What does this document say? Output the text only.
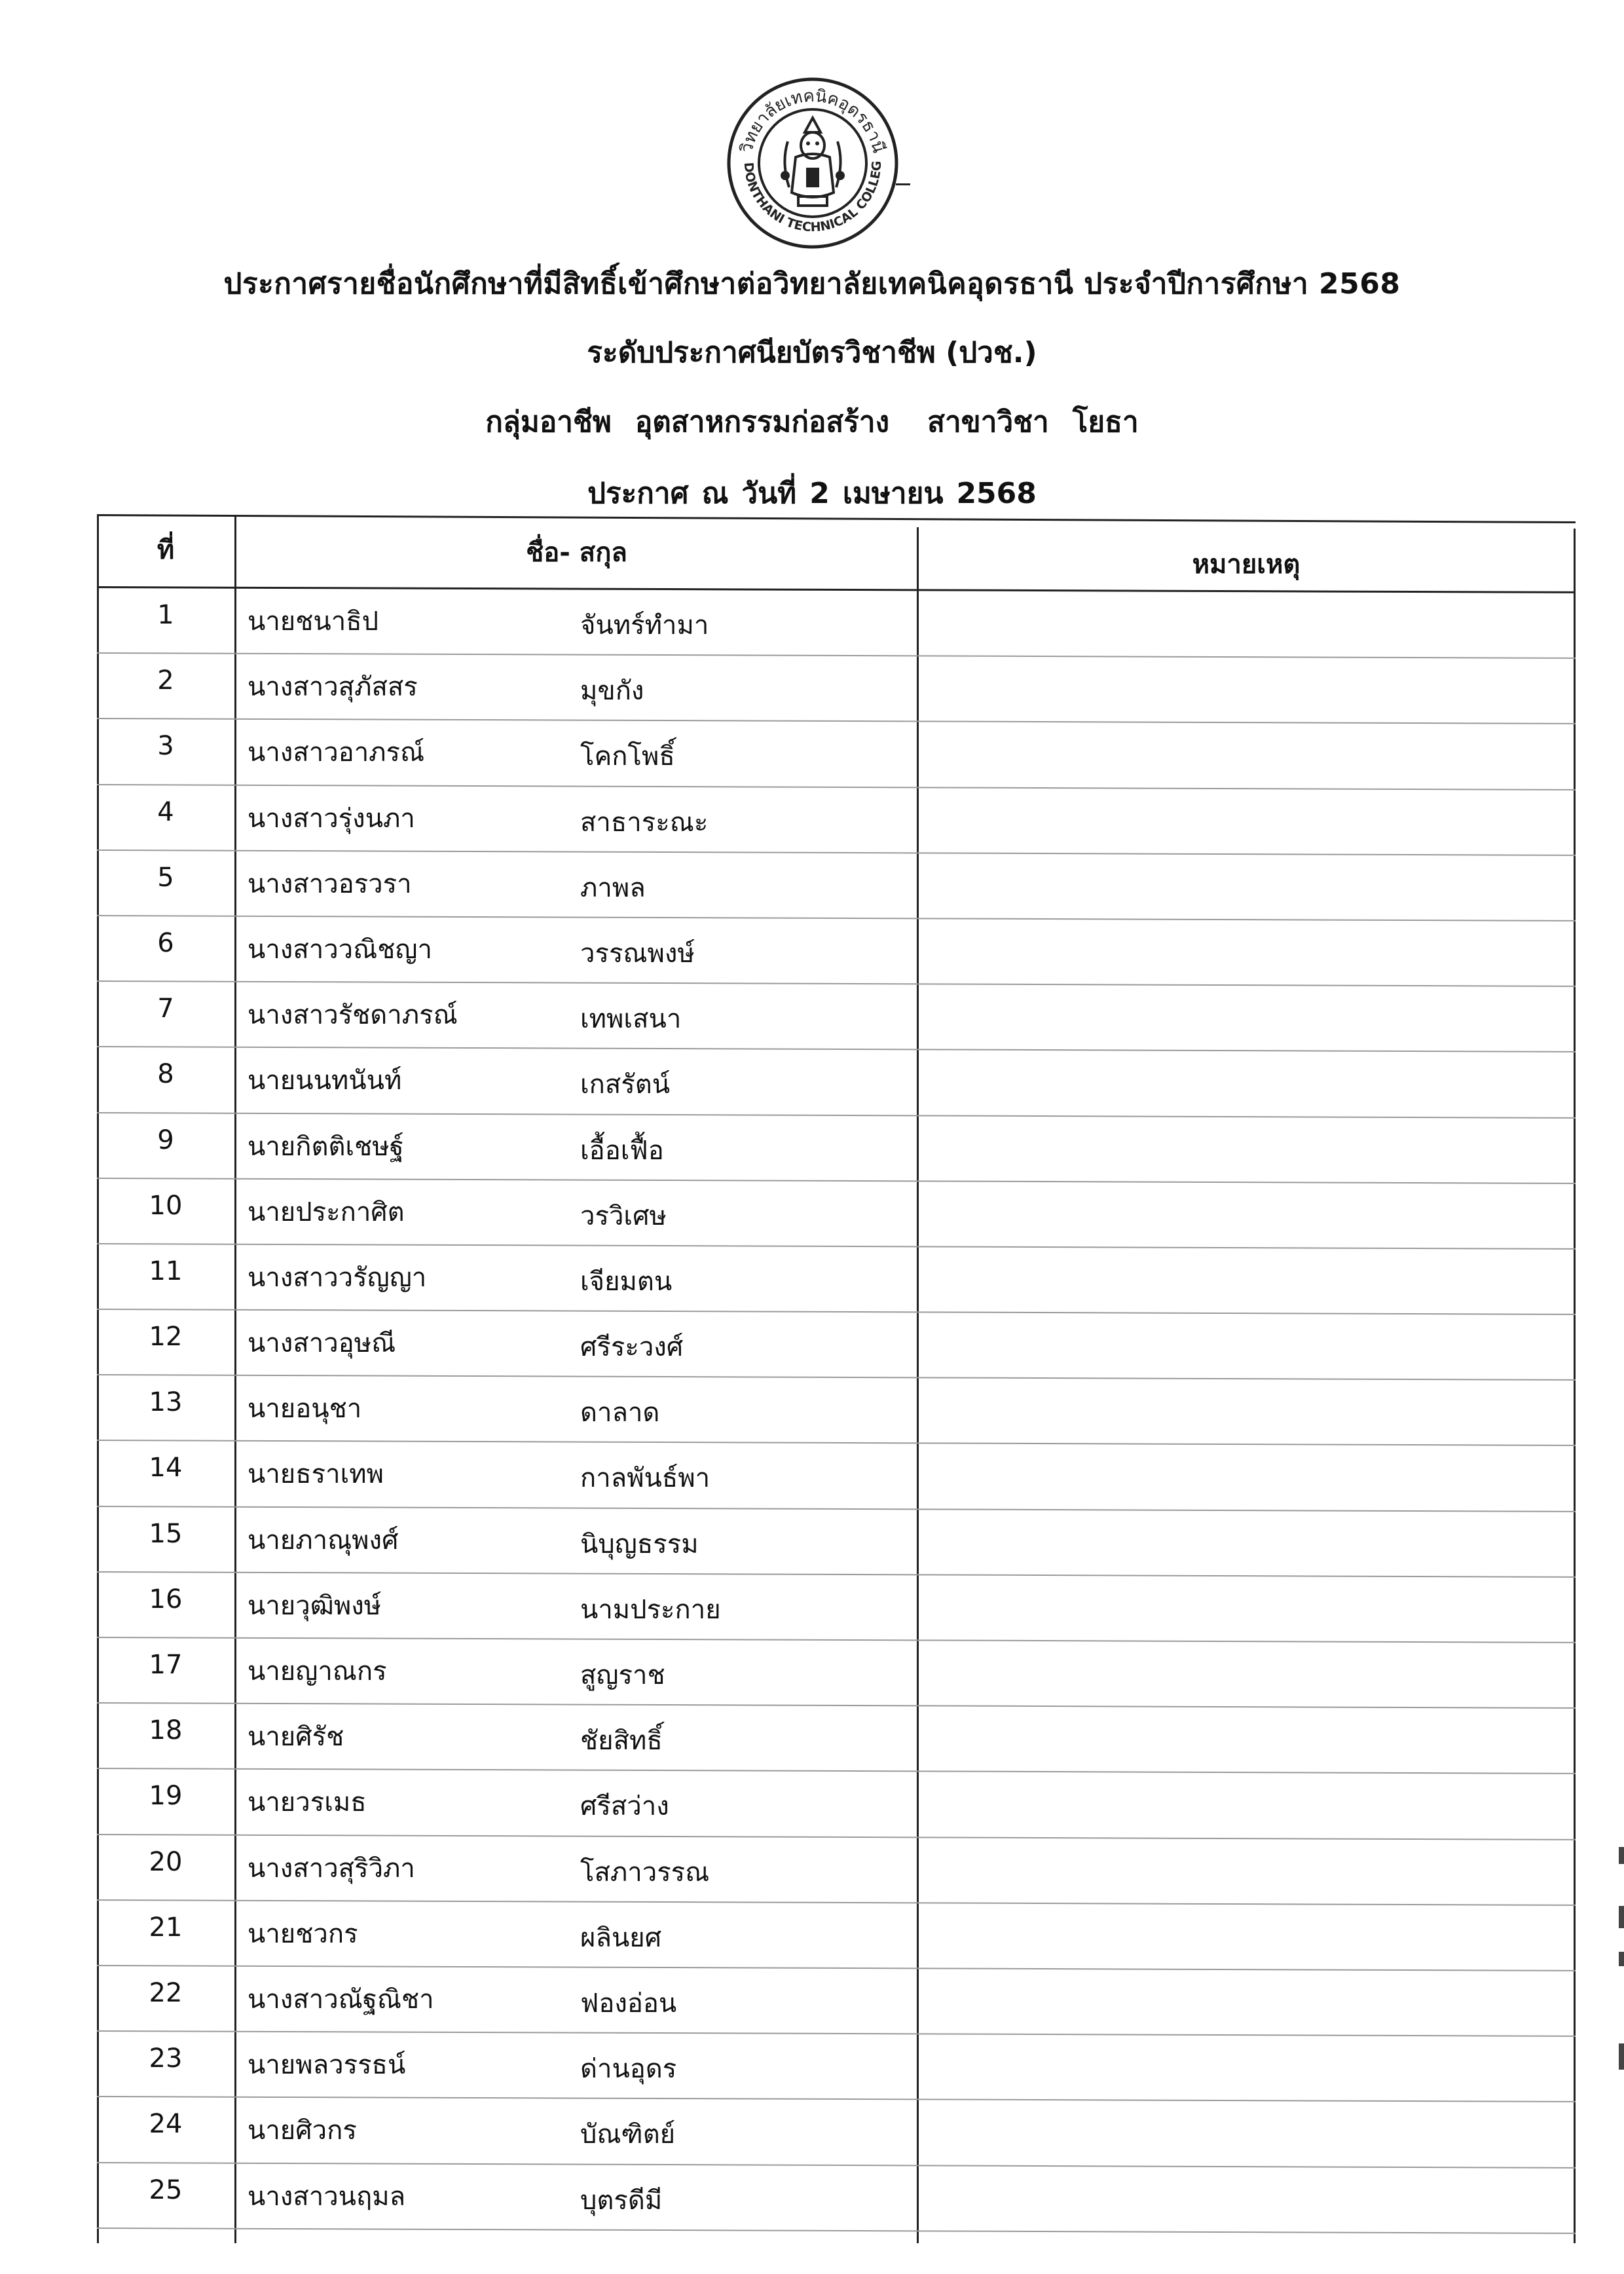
วิทยาลัยเทคนิคอุดรธานี
DONTHANI TECHNICAL COLLEG
ประกาศรายชื่อนักศึกษาที่มีสิทธิ์เข้าศึกษาต่อวิทยาลัยเทคนิคอุดรธานี ประจำปีการศึกษา 2568
ระดับประกาศนียบัตรวิชาชีพ (ปวช.)
กลุ่มอาชีพ อุตสาหกรรมก่อสร้าง สาขาวิชา โยธา
ประกาศ ณ วันที่ 2 เมษายน 2568
ที่	ชื่อ- สกุล	หมายเหตุ
1	นายชนาธิป	จันทร์ทำมา
2	นางสาวสุภัสสร	มุขกัง
3	นางสาวอาภรณ์	โคกโพธิ์
4	นางสาวรุ่งนภา	สาธาระณะ
5	นางสาวอรวรา	ภาพล
6	นางสาววณิชญา	วรรณพงษ์
7	นางสาวรัชดาภรณ์	เทพเสนา
8	นายนนทนันท์	เกสรัตน์
9	นายกิตติเชษฐ์	เอื้อเฟื้อ
10	นายประกาศิต	วรวิเศษ
11	นางสาววรัญญา	เจียมตน
12	นางสาวอุษณี	ศรีระวงศ์
13	นายอนุชา	ดาลาด
14	นายธราเทพ	กาลพันธ์พา
15	นายภาณุพงศ์	นิบุญธรรม
16	นายวุฒิพงษ์	นามประกาย
17	นายญาณกร	สูญราช
18	นายศิรัช	ชัยสิทธิ์
19	นายวรเมธ	ศรีสว่าง
20	นางสาวสุริวิภา	โสภาวรรณ
21	นายชวกร	ผลินยศ
22	นางสาวณัฐณิชา	ฟองอ่อน
23	นายพลวรรธน์	ด่านอุดร
24	นายศิวกร	บัณฑิตย์
25	นางสาวนฤมล	บุตรดีมี
